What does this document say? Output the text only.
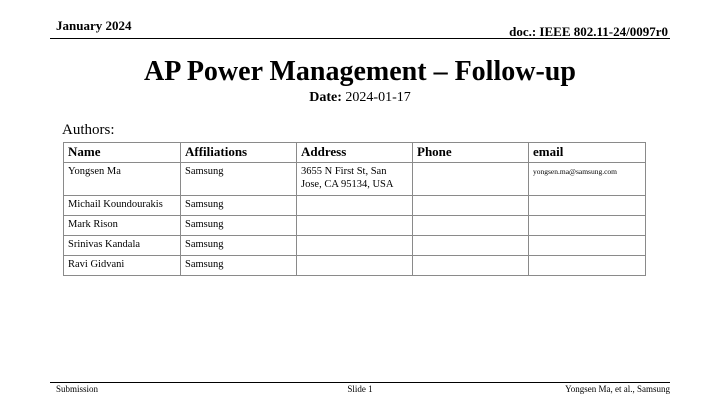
January 2024	doc.: IEEE 802.11-24/0097r0
AP Power Management – Follow-up
Date: 2024-01-17
Authors:
Name	Affiliations	Address	Phone	email
Yongsen Ma	Samsung	3655 N First St, San Jose, CA 95134, USA		yongsen.ma@samsung.com
Michail Koundourakis	Samsung			
Mark Rison	Samsung			
Srinivas Kandala	Samsung			
Ravi Gidvani	Samsung			
Submission	Slide 1	Yongsen Ma, et al., Samsung
